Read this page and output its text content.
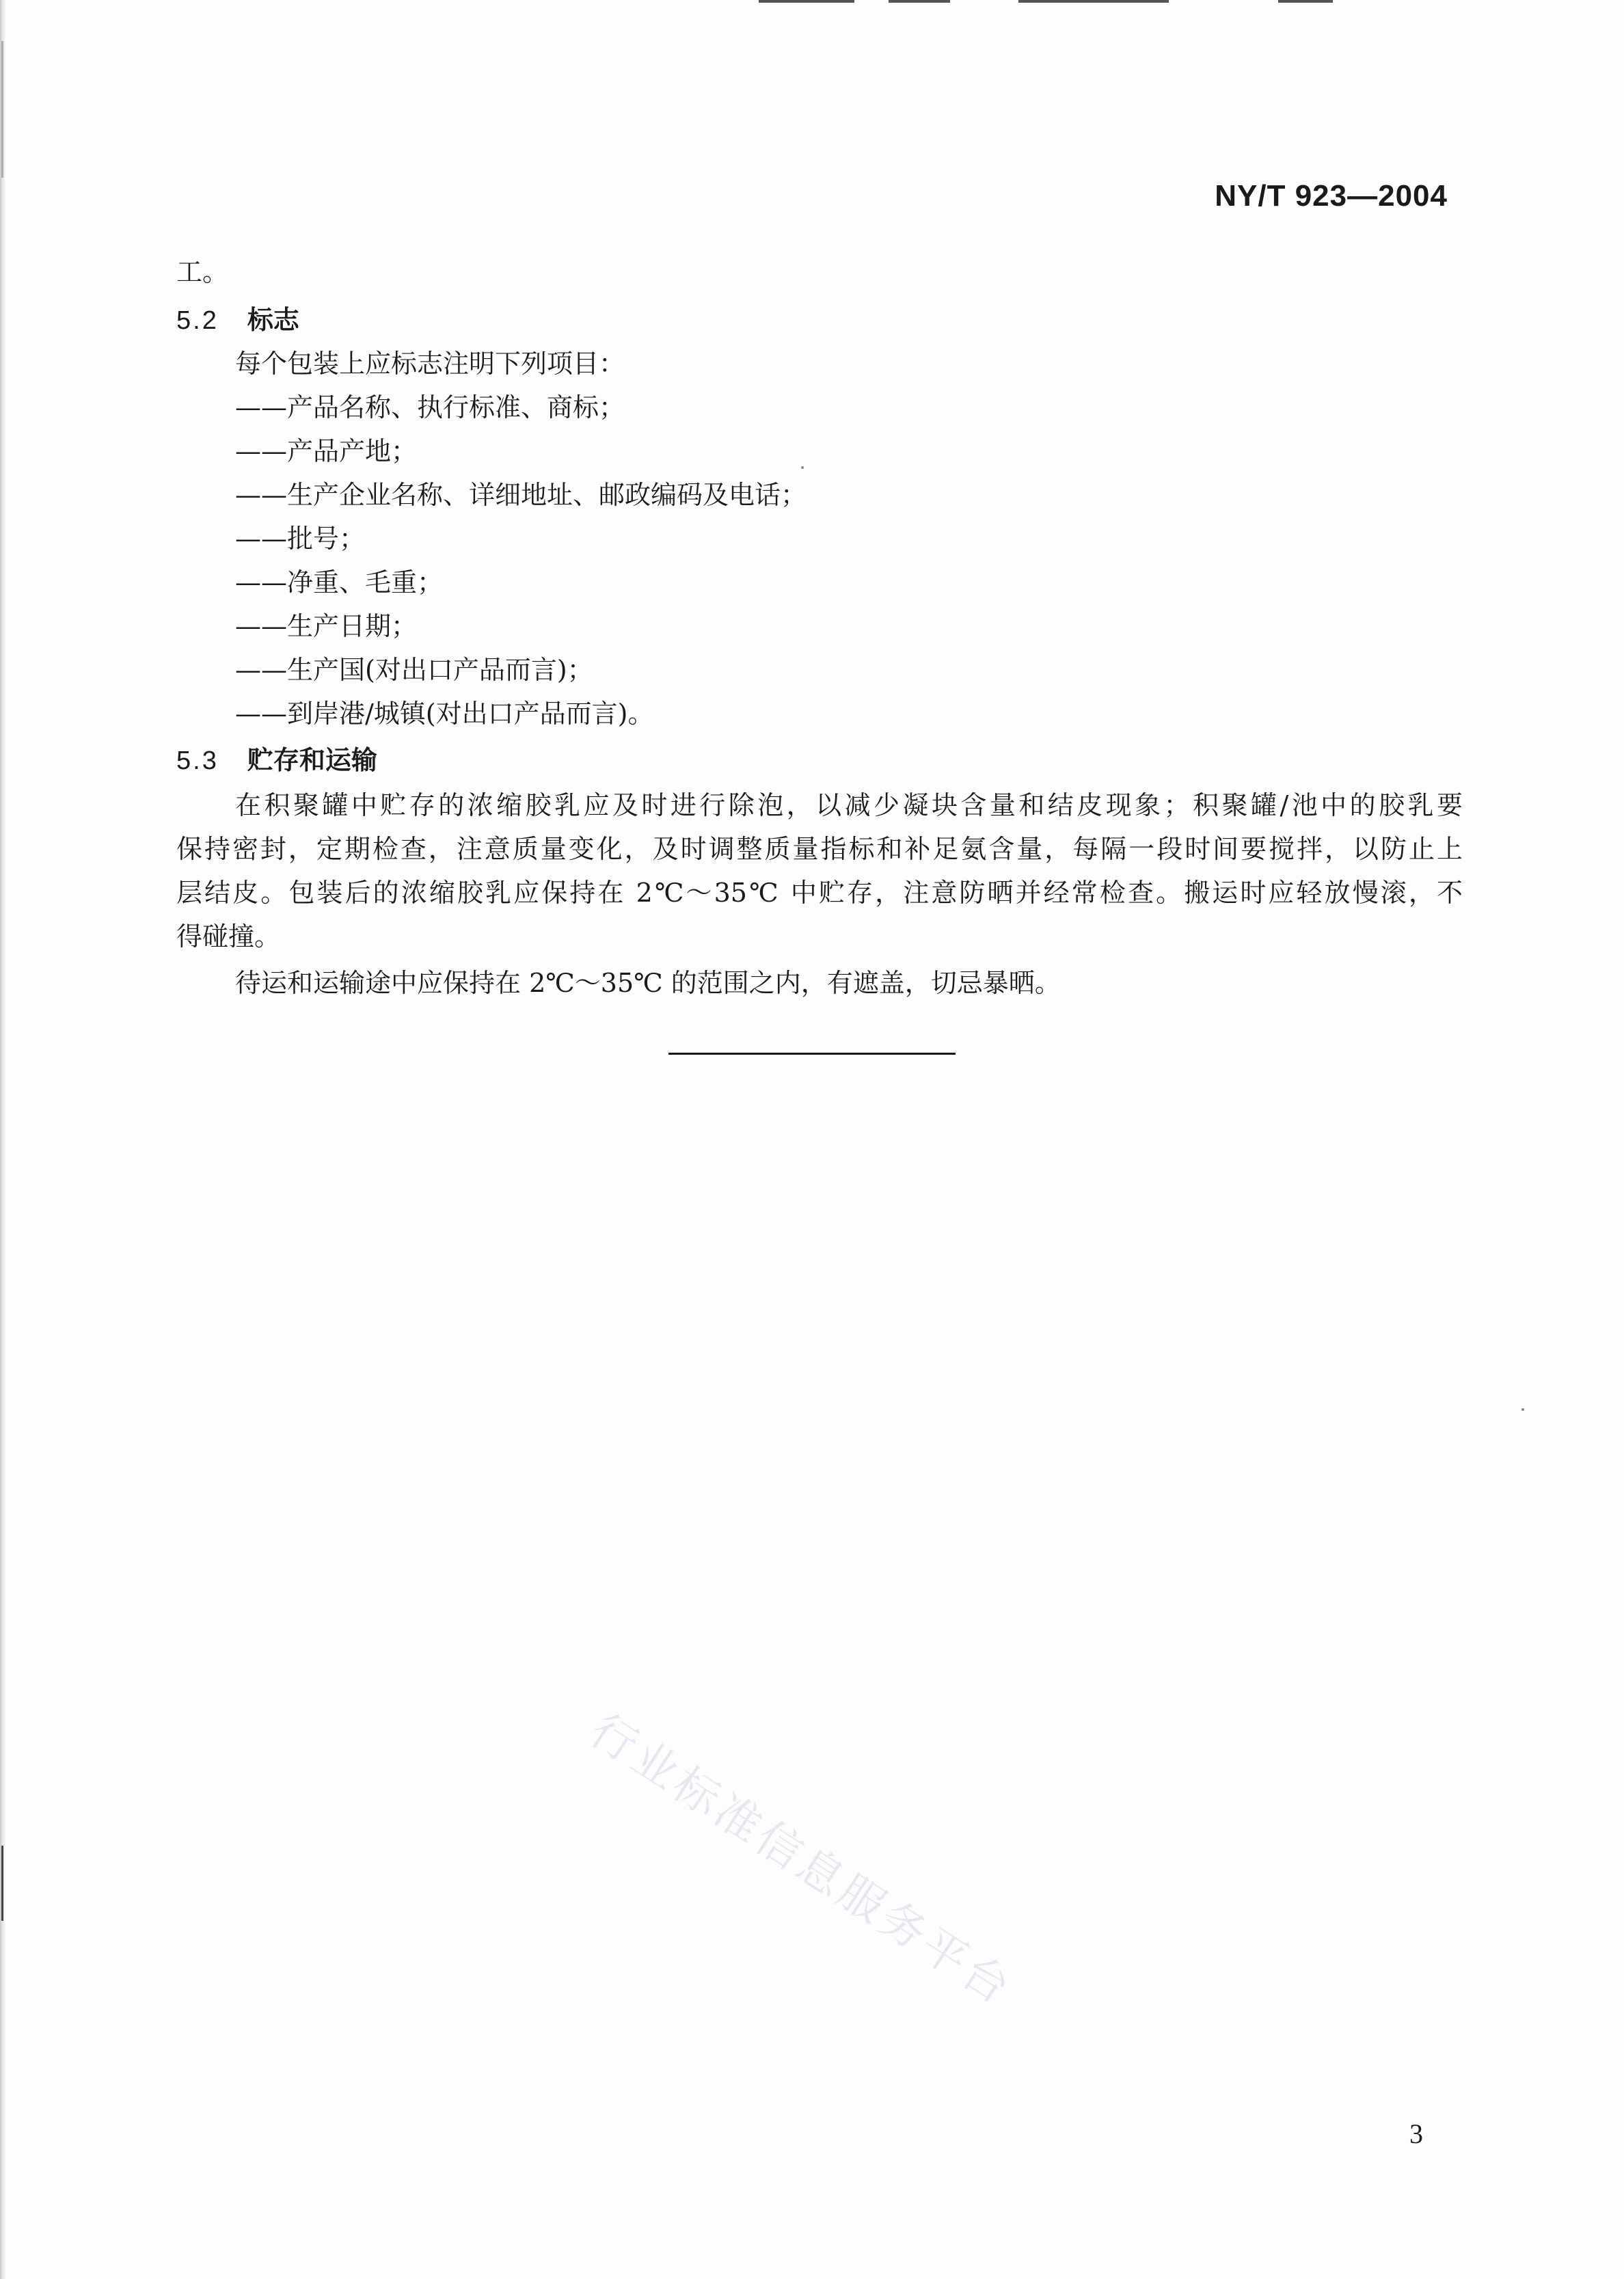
NY/T 923—2004
工。
5.2 标志
每个包装上应标志注明下列项目：
——产品名称、执行标准、商标；
——产品产地；
——生产企业名称、详细地址、邮政编码及电话；
——批号；
——净重、毛重；
——生产日期；
——生产国(对出口产品而言)；
——到岸港/城镇(对出口产品而言)。
5.3 贮存和运输
在积聚罐中贮存的浓缩胶乳应及时进行除泡，以减少凝块含量和结皮现象；积聚罐/池中的胶乳要
保持密封，定期检查，注意质量变化，及时调整质量指标和补足氨含量，每隔一段时间要搅拌，以防止上
层结皮。包装后的浓缩胶乳应保持在 2℃～35℃ 中贮存，注意防晒并经常检查。搬运时应轻放慢滚，不
得碰撞。
待运和运输途中应保持在 2℃～35℃ 的范围之内，有遮盖，切忌暴晒。
行业标准信息服务平台
3
